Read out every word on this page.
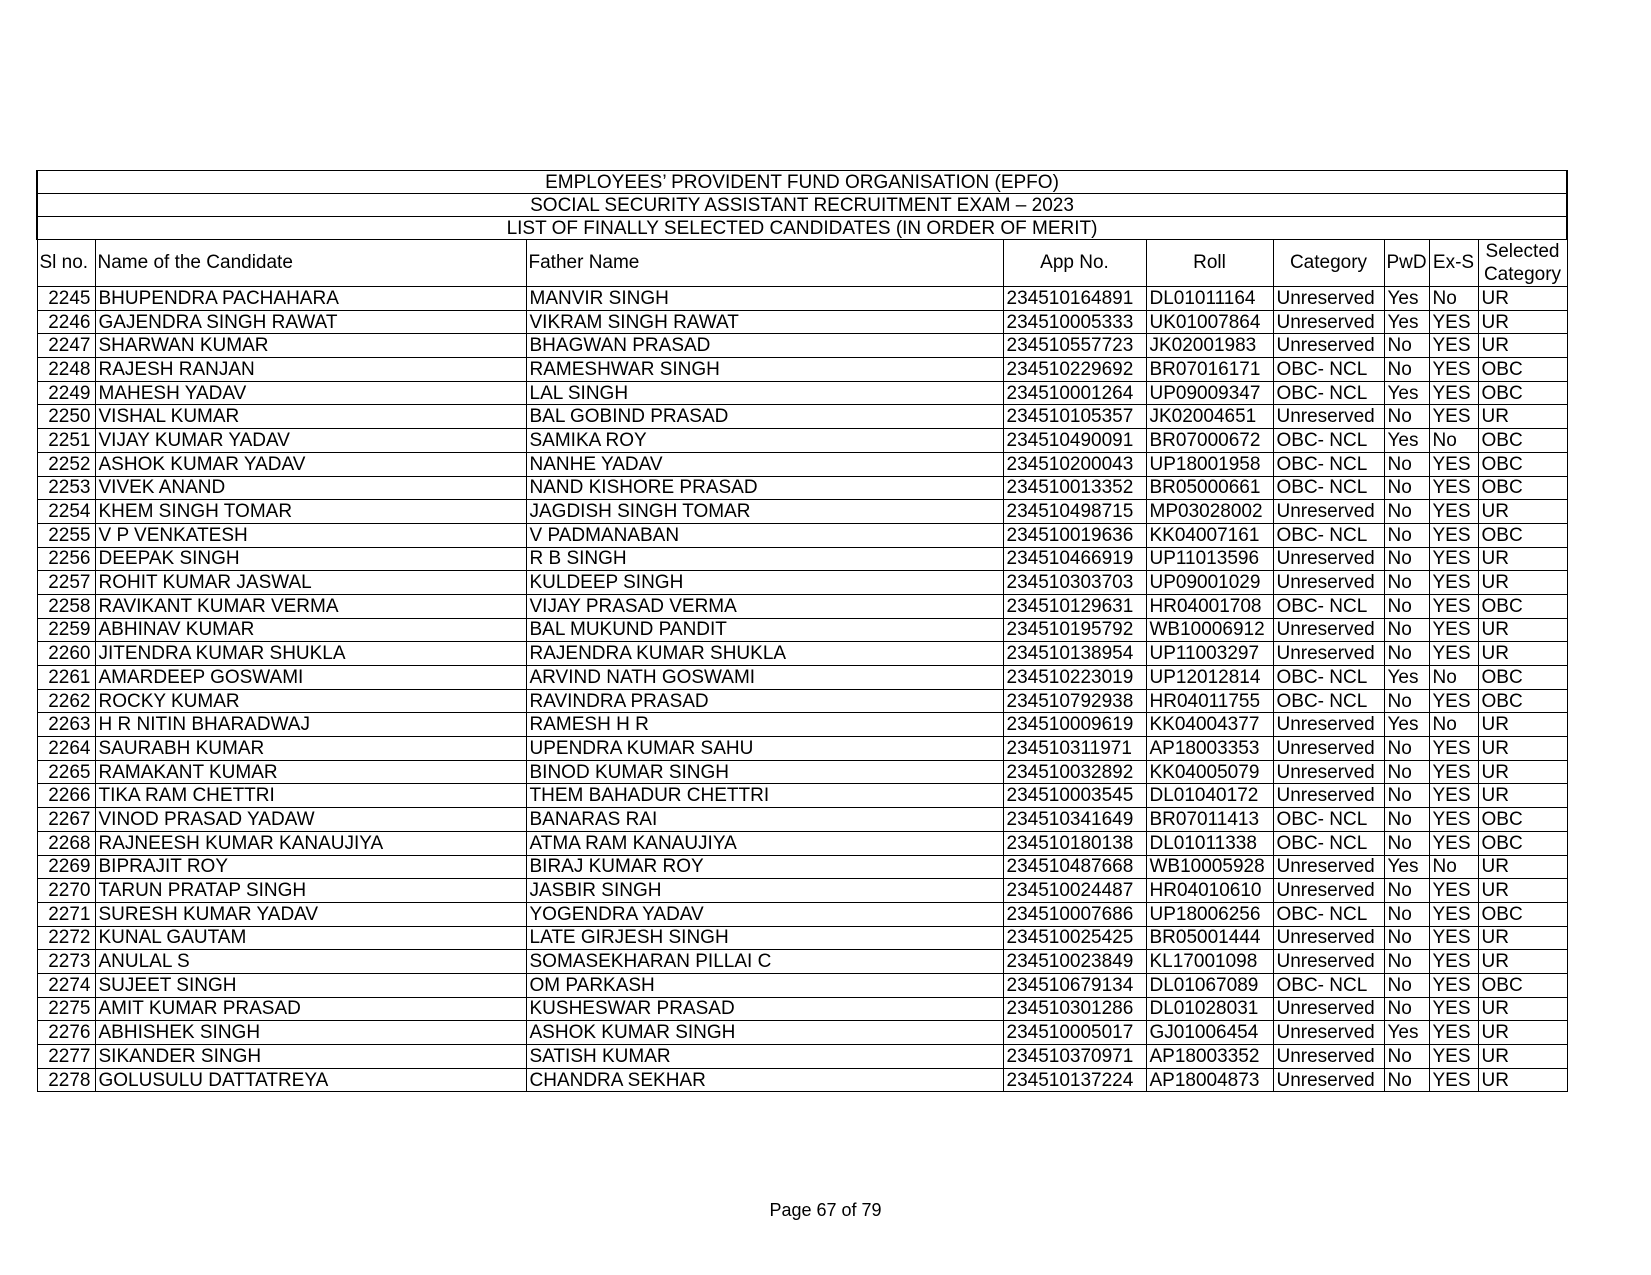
EMPLOYEES’ PROVIDENT FUND ORGANISATION (EPFO)								
SOCIAL SECURITY ASSISTANT RECRUITMENT EXAM – 2023								
LIST OF FINALLY SELECTED CANDIDATES (IN ORDER OF MERIT)								
Sl no.	Name of the Candidate	Father Name	App No.	Roll	Category	PwD	Ex-S	Selected Category
2245	BHUPENDRA PACHAHARA	MANVIR SINGH	234510164891	DL01011164	Unreserved	Yes	No	UR
2246	GAJENDRA SINGH RAWAT	VIKRAM SINGH RAWAT	234510005333	UK01007864	Unreserved	Yes	YES	UR
2247	SHARWAN KUMAR	BHAGWAN PRASAD	234510557723	JK02001983	Unreserved	No	YES	UR
2248	RAJESH RANJAN	RAMESHWAR SINGH	234510229692	BR07016171	OBC- NCL	No	YES	OBC
2249	MAHESH YADAV	LAL SINGH	234510001264	UP09009347	OBC- NCL	Yes	YES	OBC
2250	VISHAL KUMAR	BAL GOBIND PRASAD	234510105357	JK02004651	Unreserved	No	YES	UR
2251	VIJAY KUMAR YADAV	SAMIKA ROY	234510490091	BR07000672	OBC- NCL	Yes	No	OBC
2252	ASHOK KUMAR YADAV	NANHE YADAV	234510200043	UP18001958	OBC- NCL	No	YES	OBC
2253	VIVEK ANAND	NAND KISHORE PRASAD	234510013352	BR05000661	OBC- NCL	No	YES	OBC
2254	KHEM SINGH TOMAR	JAGDISH SINGH TOMAR	234510498715	MP03028002	Unreserved	No	YES	UR
2255	V P VENKATESH	V PADMANABAN	234510019636	KK04007161	OBC- NCL	No	YES	OBC
2256	DEEPAK SINGH	R B SINGH	234510466919	UP11013596	Unreserved	No	YES	UR
2257	ROHIT KUMAR JASWAL	KULDEEP SINGH	234510303703	UP09001029	Unreserved	No	YES	UR
2258	RAVIKANT KUMAR VERMA	VIJAY PRASAD VERMA	234510129631	HR04001708	OBC- NCL	No	YES	OBC
2259	ABHINAV KUMAR	BAL MUKUND PANDIT	234510195792	WB10006912	Unreserved	No	YES	UR
2260	JITENDRA KUMAR SHUKLA	RAJENDRA KUMAR SHUKLA	234510138954	UP11003297	Unreserved	No	YES	UR
2261	AMARDEEP GOSWAMI	ARVIND NATH GOSWAMI	234510223019	UP12012814	OBC- NCL	Yes	No	OBC
2262	ROCKY KUMAR	RAVINDRA PRASAD	234510792938	HR04011755	OBC- NCL	No	YES	OBC
2263	H R NITIN BHARADWAJ	RAMESH H R	234510009619	KK04004377	Unreserved	Yes	No	UR
2264	SAURABH KUMAR	UPENDRA KUMAR SAHU	234510311971	AP18003353	Unreserved	No	YES	UR
2265	RAMAKANT KUMAR	BINOD KUMAR SINGH	234510032892	KK04005079	Unreserved	No	YES	UR
2266	TIKA RAM CHETTRI	THEM BAHADUR CHETTRI	234510003545	DL01040172	Unreserved	No	YES	UR
2267	VINOD PRASAD YADAW	BANARAS RAI	234510341649	BR07011413	OBC- NCL	No	YES	OBC
2268	RAJNEESH KUMAR KANAUJIYA	ATMA RAM KANAUJIYA	234510180138	DL01011338	OBC- NCL	No	YES	OBC
2269	BIPRAJIT ROY	BIRAJ KUMAR ROY	234510487668	WB10005928	Unreserved	Yes	No	UR
2270	TARUN PRATAP SINGH	JASBIR SINGH	234510024487	HR04010610	Unreserved	No	YES	UR
2271	SURESH KUMAR YADAV	YOGENDRA YADAV	234510007686	UP18006256	OBC- NCL	No	YES	OBC
2272	KUNAL GAUTAM	LATE GIRJESH SINGH	234510025425	BR05001444	Unreserved	No	YES	UR
2273	ANULAL S	SOMASEKHARAN PILLAI C	234510023849	KL17001098	Unreserved	No	YES	UR
2274	SUJEET SINGH	OM PARKASH	234510679134	DL01067089	OBC- NCL	No	YES	OBC
2275	AMIT KUMAR PRASAD	KUSHESWAR PRASAD	234510301286	DL01028031	Unreserved	No	YES	UR
2276	ABHISHEK SINGH	ASHOK KUMAR SINGH	234510005017	GJ01006454	Unreserved	Yes	YES	UR
2277	SIKANDER SINGH	SATISH KUMAR	234510370971	AP18003352	Unreserved	No	YES	UR
2278	GOLUSULU DATTATREYA	CHANDRA SEKHAR	234510137224	AP18004873	Unreserved	No	YES	UR
Page 67 of 79
